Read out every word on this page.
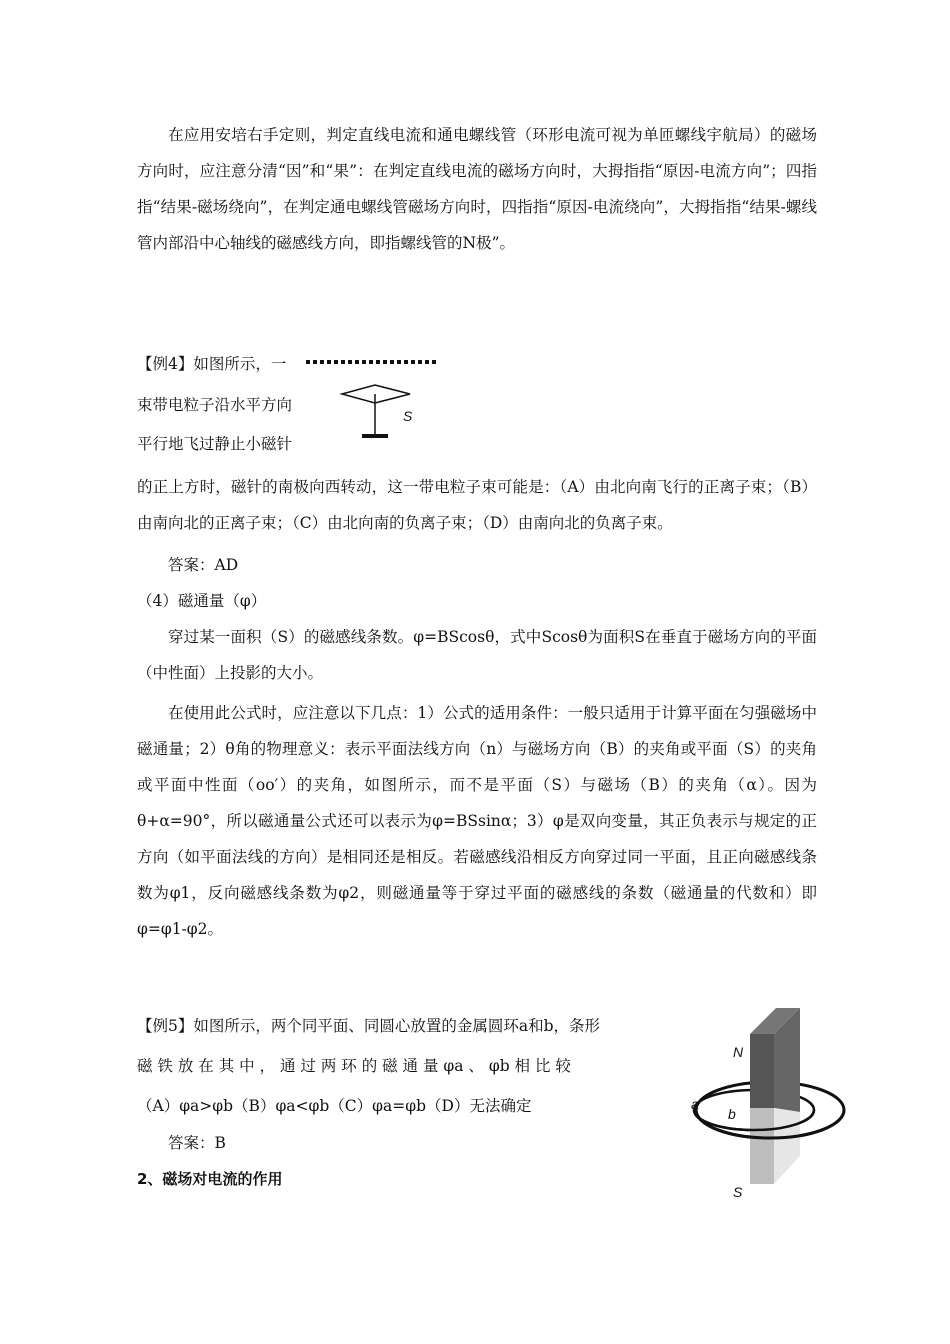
在应用安培右手定则，判定直线电流和通电螺线管（环形电流可视为单匝螺线宇航局）的磁场方向时，应注意分清“因”和“果”：在判定直线电流的磁场方向时，大拇指指“原因-电流方向”；四指指“结果-磁场绕向”，在判定通电螺线管磁场方向时，四指指“原因-电流绕向”，大拇指指“结果-螺线管内部沿中心轴线的磁感线方向，即指螺线管的N极”。
【例4】如图所示，一
束带电粒子沿水平方向
平行地飞过静止小磁针
S
的正上方时，磁针的南极向西转动，这一带电粒子束可能是：（A）由北向南飞行的正离子束；（B）由南向北的正离子束；（C）由北向南的负离子束；（D）由南向北的负离子束。
答案：AD
（4）磁通量（φ）
穿过某一面积（S）的磁感线条数。φ=BScosθ，式中Scosθ为面积S在垂直于磁场方向的平面（中性面）上投影的大小。
在使用此公式时，应注意以下几点：1）公式的适用条件：一般只适用于计算平面在匀强磁场中磁通量；2）θ角的物理意义：表示平面法线方向（n）与磁场方向（B）的夹角或平面（S）的夹角或平面中性面（oo′）的夹角，如图所示，而不是平面（S）与磁场（B）的夹角（α）。因为θ+α=90°，所以磁通量公式还可以表示为φ=BSsinα；3）φ是双向变量，其正负表示与规定的正方向（如平面法线的方向）是相同还是相反。若磁感线沿相反方向穿过同一平面，且正向磁感线条数为φ1，反向磁感线条数为φ2，则磁通量等于穿过平面的磁感线的条数（磁通量的代数和）即φ=φ1-φ2。
【例5】如图所示，两个同平面、同圆心放置的金属圆环a和b，条形
磁 铁 放 在 其 中 ， 通 过 两 环 的 磁 通 量 φa 、 φb 相 比 较
（A）φa>φb（B）φa<φb（C）φa=φb（D）无法确定
答案：B
N
S
a
b
2、磁场对电流的作用
